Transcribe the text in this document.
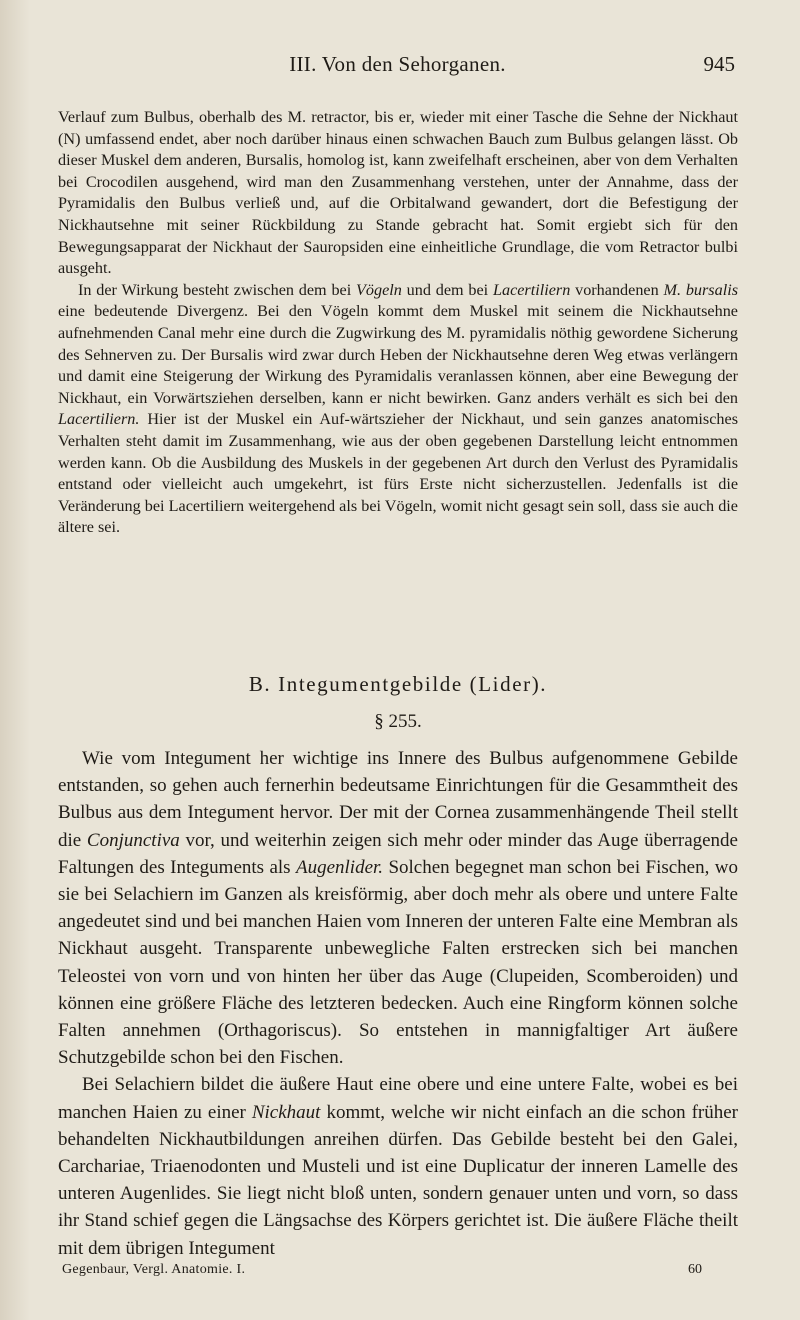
III. Von den Sehorganen.	945

Verlauf zum Bulbus, oberhalb des M. retractor, bis er, wieder mit einer Tasche die Sehne der Nickhaut (N) umfassend endet, aber noch darüber hinaus einen schwachen Bauch zum Bulbus gelangen lässt. Ob dieser Muskel dem anderen, Bursalis, homolog ist, kann zweifelhaft erscheinen, aber von dem Verhalten bei Crocodilen ausgehend, wird man den Zusammenhang verstehen, unter der Annahme, dass der Pyramidalis den Bulbus verließ und, auf die Orbitalwand gewandert, dort die Befestigung der Nickhautsehne mit seiner Rückbildung zu Stande gebracht hat. Somit ergiebt sich für den Bewegungsapparat der Nickhaut der Sauropsiden eine einheitliche Grundlage, die vom Retractor bulbi ausgeht.

In der Wirkung besteht zwischen dem bei Vögeln und dem bei Lacertiliern vorhandenen M. bursalis eine bedeutende Divergenz. Bei den Vögeln kommt dem Muskel mit seinem die Nickhautsehne aufnehmenden Canal mehr eine durch die Zugwirkung des M. pyramidalis nöthig gewordene Sicherung des Sehnerven zu. Der Bursalis wird zwar durch Heben der Nickhautsehne deren Weg etwas verlängern und damit eine Steigerung der Wirkung des Pyramidalis veranlassen können, aber eine Bewegung der Nickhaut, ein Vorwärtsziehen derselben, kann er nicht bewirken. Ganz anders verhält es sich bei den Lacertiliern. Hier ist der Muskel ein Auf-wärtszieher der Nickhaut, und sein ganzes anatomisches Verhalten steht damit im Zusammenhang, wie aus der oben gegebenen Darstellung leicht entnommen werden kann. Ob die Ausbildung des Muskels in der gegebenen Art durch den Verlust des Pyramidalis entstand oder vielleicht auch umgekehrt, ist fürs Erste nicht sicherzustellen. Jedenfalls ist die Veränderung bei Lacertiliern weitergehend als bei Vögeln, womit nicht gesagt sein soll, dass sie auch die ältere sei.

B. Integumentgebilde (Lider).
§ 255.

Wie vom Integument her wichtige ins Innere des Bulbus aufgenommene Gebilde entstanden, so gehen auch fernerhin bedeutsame Einrichtungen für die Gesammtheit des Bulbus aus dem Integument hervor. Der mit der Cornea zusammenhängende Theil stellt die Conjunctiva vor, und weiterhin zeigen sich mehr oder minder das Auge überragende Faltungen des Integuments als Augenlider. Solchen begegnet man schon bei Fischen, wo sie bei Selachiern im Ganzen als kreisförmig, aber doch mehr als obere und untere Falte angedeutet sind und bei manchen Haien vom Inneren der unteren Falte eine Membran als Nickhaut ausgeht. Transparente unbewegliche Falten erstrecken sich bei manchen Teleostei von vorn und von hinten her über das Auge (Clupeiden, Scomberoiden) und können eine größere Fläche des letzteren bedecken. Auch eine Ringform können solche Falten annehmen (Orthagoriscus). So entstehen in mannigfaltiger Art äußere Schutzgebilde schon bei den Fischen.

Bei Selachiern bildet die äußere Haut eine obere und eine untere Falte, wobei es bei manchen Haien zu einer Nickhaut kommt, welche wir nicht einfach an die schon früher behandelten Nickhautbildungen anreihen dürfen. Das Gebilde besteht bei den Galei, Carchariae, Triaenodonten und Musteli und ist eine Duplicatur der inneren Lamelle des unteren Augenlides. Sie liegt nicht bloß unten, sondern genauer unten und vorn, so dass ihr Stand schief gegen die Längsachse des Körpers gerichtet ist. Die äußere Fläche theilt mit dem übrigen Integument

Gegenbaur, Vergl. Anatomie. I.	60
